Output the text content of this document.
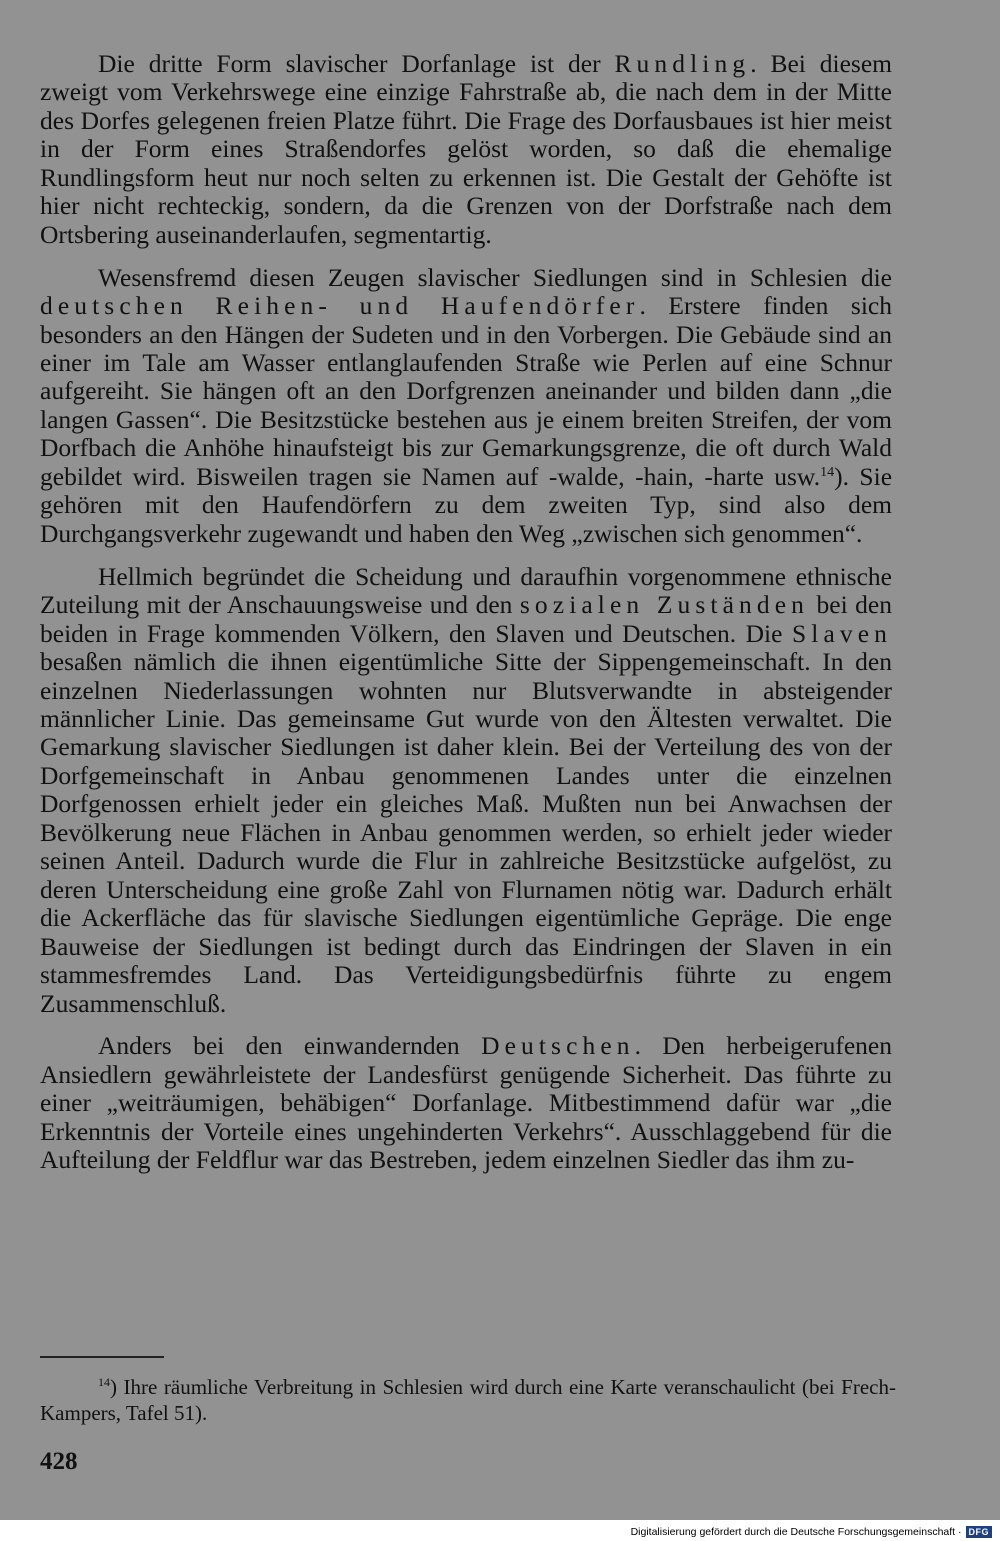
Die dritte Form slavischer Dorfanlage ist der Rundling. Bei diesem zweigt vom Verkehrswege eine einzige Fahrstraße ab, die nach dem in der Mitte des Dorfes gelegenen freien Platze führt. Die Frage des Dorfausbaues ist hier meist in der Form eines Straßendorfes gelöst worden, so daß die ehemalige Rundlingsform heut nur noch selten zu erkennen ist. Die Gestalt der Gehöfte ist hier nicht rechteckig, sondern, da die Grenzen von der Dorfstraße nach dem Ortsbering auseinanderlaufen, segmentartig.

Wesensfremd diesen Zeugen slavischer Siedlungen sind in Schlesien die deutschen Reihen- und Haufendörfer. Erstere finden sich besonders an den Hängen der Sudeten und in den Vorbergen. Die Gebäude sind an einer im Tale am Wasser entlanglaufenden Straße wie Perlen auf eine Schnur aufgereiht. Sie hängen oft an den Dorfgrenzen aneinander und bilden dann „die langen Gassen“. Die Besitzstücke bestehen aus je einem breiten Streifen, der vom Dorfbach die Anhöhe hinaufsteigt bis zur Gemarkungsgrenze, die oft durch Wald gebildet wird. Bisweilen tragen sie Namen auf -walde, -hain, -harte usw.$^{14}$). Sie gehören mit den Haufendörfern zu dem zweiten Typ, sind also dem Durchgangsverkehr zugewandt und haben den Weg „zwischen sich genommen“.

Hellmich begründet die Scheidung und daraufhin vorgenommene ethnische Zuteilung mit der Anschauungsweise und den sozialen Zuständen bei den beiden in Frage kommenden Völkern, den Slaven und Deutschen. Die Slaven besaßen nämlich die ihnen eigentümliche Sitte der Sippengemeinschaft. In den einzelnen Niederlassungen wohnten nur Blutsverwandte in absteigender männlicher Linie. Das gemeinsame Gut wurde von den Ältesten verwaltet. Die Gemarkung slavischer Siedlungen ist daher klein. Bei der Verteilung des von der Dorfgemeinschaft in Anbau genommenen Landes unter die einzelnen Dorfgenossen erhielt jeder ein gleiches Maß. Mußten nun bei Anwachsen der Bevölkerung neue Flächen in Anbau genommen werden, so erhielt jeder wieder seinen Anteil. Dadurch wurde die Flur in zahlreiche Besitzstücke aufgelöst, zu deren Unterscheidung eine große Zahl von Flurnamen nötig war. Dadurch erhält die Ackerfläche das für slavische Siedlungen eigentümliche Gepräge. Die enge Bauweise der Siedlungen ist bedingt durch das Eindringen der Slaven in ein stammesfremdes Land. Das Verteidigungsbedürfnis führte zu engem Zusammenschluß.

Anders bei den einwandernden Deutschen. Den herbeigerufenen Ansiedlern gewährleistete der Landesfürst genügende Sicherheit. Das führte zu einer „weiträumigen, behäbigen“ Dorfanlage. Mitbestimmend dafür war „die Erkenntnis der Vorteile eines ungehinderten Verkehrs“. Ausschlaggebend für die Aufteilung der Feldflur war das Bestreben, jedem einzelnen Siedler das ihm zu-

$^{14}$) Ihre räumliche Verbreitung in Schlesien wird durch eine Karte veranschaulicht (bei Frech-Kampers, Tafel 51).
428
Digitalisierung gefördert durch die Deutsche Forschungsgemeinschaft · DFG
